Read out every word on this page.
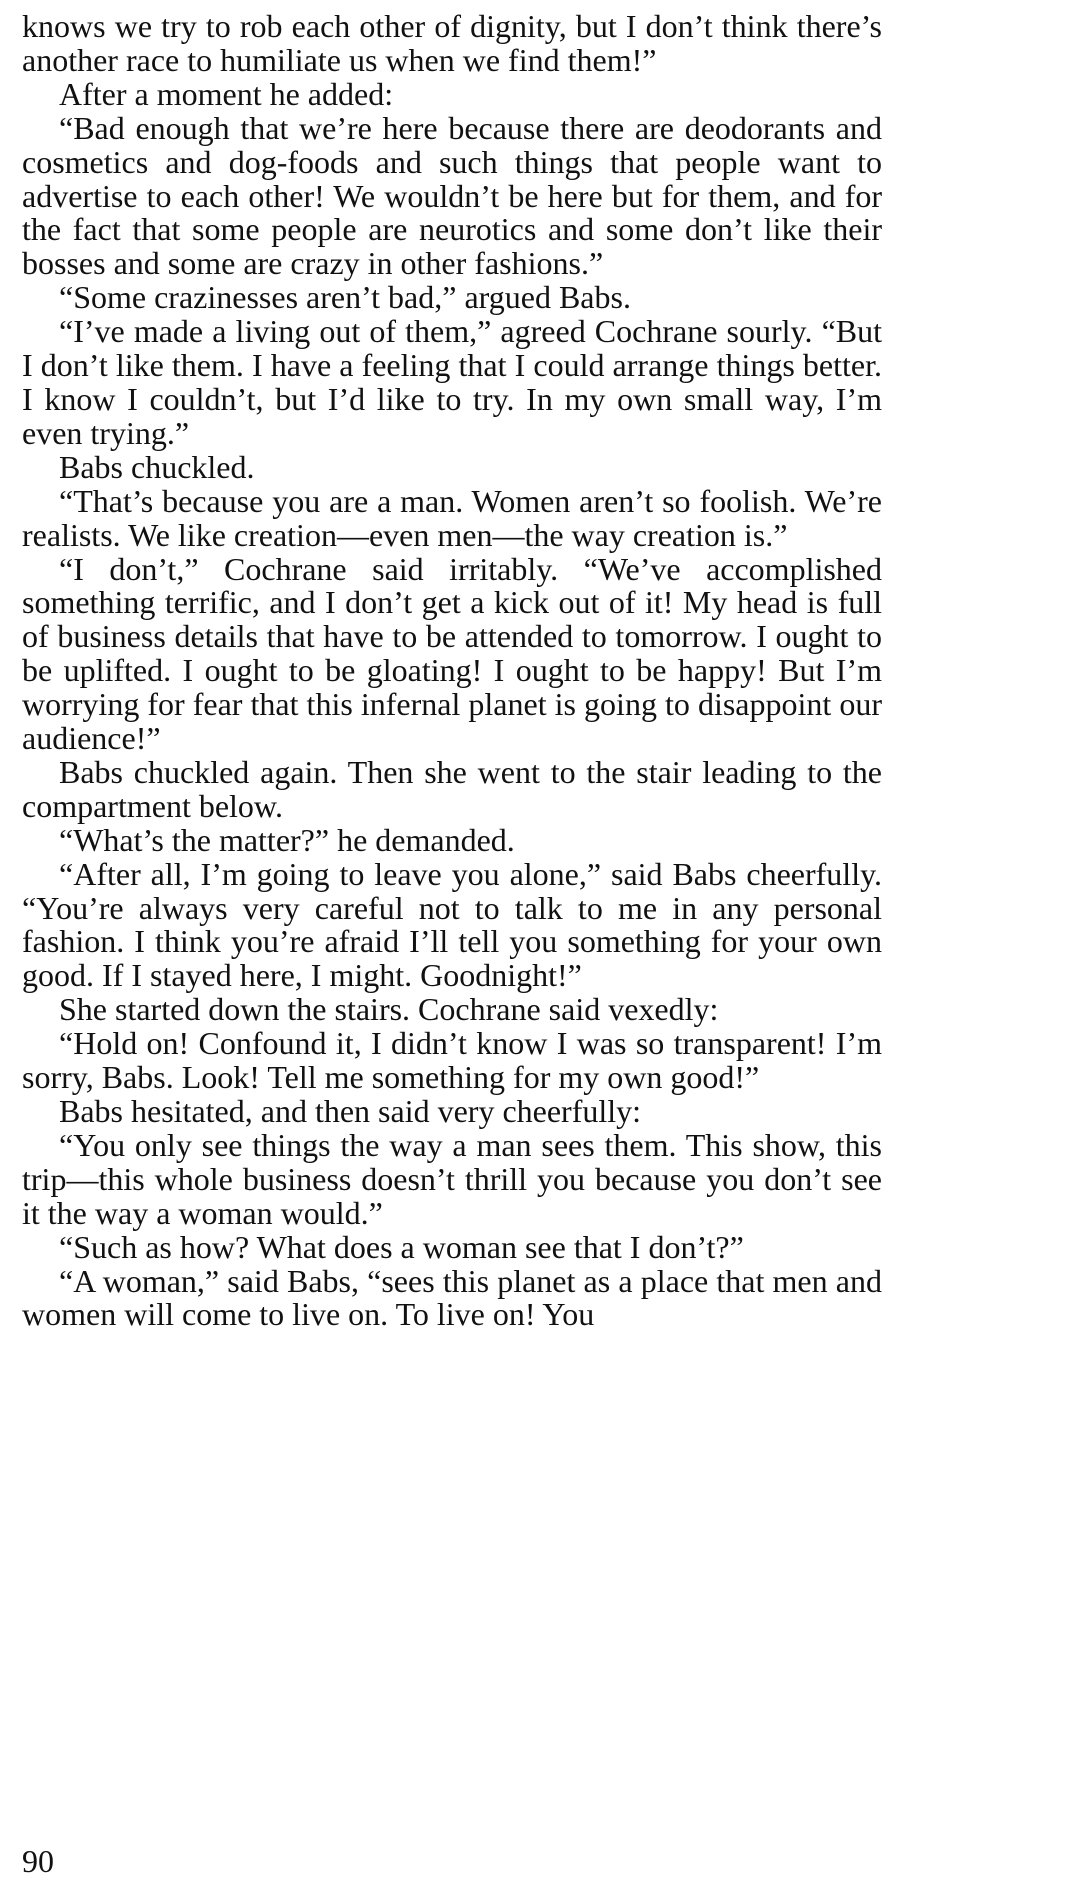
knows we try to rob each other of dignity, but I don’t think there’s another race to humiliate us when we find them!”

After a moment he added:

“Bad enough that we’re here because there are deodorants and cosmetics and dog-foods and such things that people want to advertise to each other! We wouldn’t be here but for them, and for the fact that some people are neurotics and some don’t like their bosses and some are crazy in other fashions.”

“Some crazinesses aren’t bad,” argued Babs.

“I’ve made a living out of them,” agreed Cochrane sourly. “But I don’t like them. I have a feeling that I could arrange things better. I know I couldn’t, but I’d like to try. In my own small way, I’m even trying.”

Babs chuckled.

“That’s because you are a man. Women aren’t so foolish. We’re realists. We like creation—even men—the way creation is.”

“I don’t,” Cochrane said irritably. “We’ve accomplished something terrific, and I don’t get a kick out of it! My head is full of business details that have to be attended to tomorrow. I ought to be uplifted. I ought to be gloating! I ought to be happy! But I’m worrying for fear that this infernal planet is going to disappoint our audience!”

Babs chuckled again. Then she went to the stair leading to the compartment below.

“What’s the matter?” he demanded.

“After all, I’m going to leave you alone,” said Babs cheerfully. “You’re always very careful not to talk to me in any personal fashion. I think you’re afraid I’ll tell you something for your own good. If I stayed here, I might. Goodnight!”

She started down the stairs. Cochrane said vexedly:

“Hold on! Confound it, I didn’t know I was so transparent! I’m sorry, Babs. Look! Tell me something for my own good!”

Babs hesitated, and then said very cheerfully:

“You only see things the way a man sees them. This show, this trip—this whole business doesn’t thrill you because you don’t see it the way a woman would.”

“Such as how? What does a woman see that I don’t?”

“A woman,” said Babs, “sees this planet as a place that men and women will come to live on. To live on! You

90
